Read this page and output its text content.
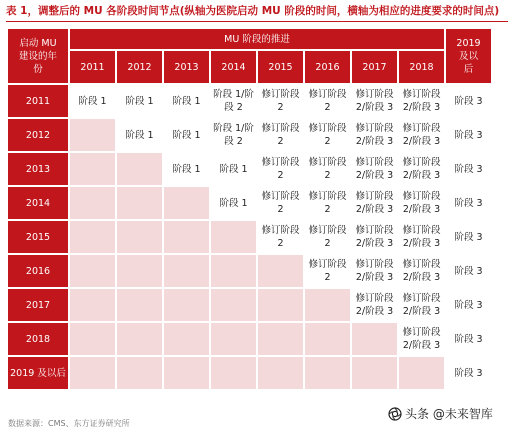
表 1，调整后的 MU 各阶段时间节点(纵轴为医院启动 MU 阶段的时间，横轴为相应的进度要求的时间点)
启动 MU 建设的年份	MU 阶段的推进								2019 及以后
	2011	2012	2013	2014	2015	2016	2017	2018	
2011	阶段 1	阶段 1	阶段 1	阶段 1/阶段 2	修订阶段 2	修订阶段 2	修订阶段 2/阶段 3	修订阶段 2/阶段 3	阶段 3
2012		阶段 1	阶段 1	阶段 1/阶段 2	修订阶段 2	修订阶段 2	修订阶段 2/阶段 3	修订阶段 2/阶段 3	阶段 3
2013			阶段 1	阶段 1	修订阶段 2	修订阶段 2	修订阶段 2/阶段 3	修订阶段 2/阶段 3	阶段 3
2014				阶段 1	修订阶段 2	修订阶段 2	修订阶段 2/阶段 3	修订阶段 2/阶段 3	阶段 3
2015					修订阶段 2	修订阶段 2	修订阶段 2/阶段 3	修订阶段 2/阶段 3	阶段 3
2016						修订阶段 2	修订阶段 2/阶段 3	修订阶段 2/阶段 3	阶段 3
2017							修订阶段 2/阶段 3	修订阶段 2/阶段 3	阶段 3
2018								修订阶段 2/阶段 3	阶段 3
2019 及以后									阶段 3
数据来源：CMS、东方证券研究所
头条 @未来智库
